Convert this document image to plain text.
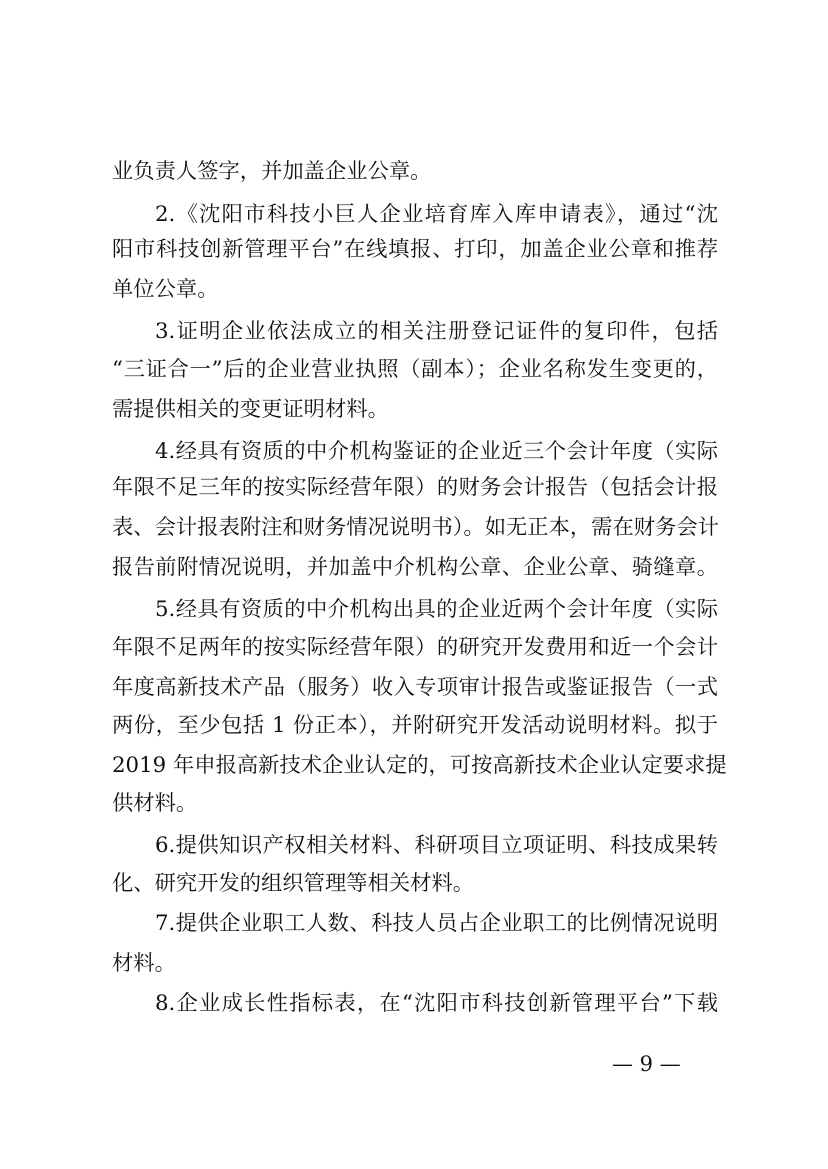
业负责人签字，并加盖企业公章。
2.《沈阳市科技小巨人企业培育库入库申请表》，通过“沈
阳市科技创新管理平台”在线填报、打印，加盖企业公章和推荐
单位公章。
3.证明企业依法成立的相关注册登记证件的复印件，包括
“三证合一”后的企业营业执照（副本）；企业名称发生变更的，
需提供相关的变更证明材料。
4.经具有资质的中介机构鉴证的企业近三个会计年度（实际
年限不足三年的按实际经营年限）的财务会计报告（包括会计报
表、会计报表附注和财务情况说明书）。如无正本，需在财务会计
报告前附情况说明，并加盖中介机构公章、企业公章、骑缝章。
5.经具有资质的中介机构出具的企业近两个会计年度（实际
年限不足两年的按实际经营年限）的研究开发费用和近一个会计
年度高新技术产品（服务）收入专项审计报告或鉴证报告（一式
两份，至少包括 1 份正本），并附研究开发活动说明材料。拟于
2019 年申报高新技术企业认定的，可按高新技术企业认定要求提
供材料。
6.提供知识产权相关材料、科研项目立项证明、科技成果转
化、研究开发的组织管理等相关材料。
7.提供企业职工人数、科技人员占企业职工的比例情况说明
材料。
8.企业成长性指标表，在“沈阳市科技创新管理平台”下载
— 9 —
